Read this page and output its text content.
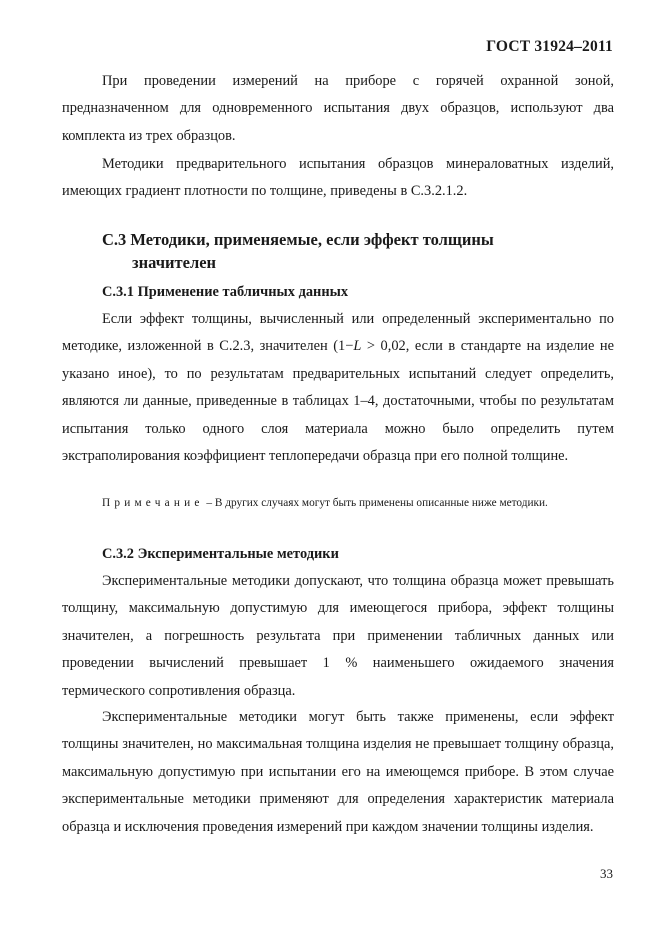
ГОСТ 31924–2011

При проведении измерений на приборе с горячей охранной зоной, предназначенном для одновременного испытания двух образцов, используют два комплекта из трех образцов.

Методики предварительного испытания образцов минераловатных изделий, имеющих градиент плотности по толщине, приведены в С.3.2.1.2.

С.3 Методики, применяемые, если эффект толщины
значителен
С.3.1 Применение табличных данных

Если эффект толщины, вычисленный или определенный экспериментально по методике, изложенной в С.2.3, значителен (1−L > 0,02, если в стандарте на изделие не указано иное), то по результатам предварительных испытаний следует определить, являются ли данные, приведенные в таблицах 1–4, достаточными, чтобы по результатам испытания только одного слоя материала можно было определить путем экстраполирования коэффициент теплопередачи образца при его полной толщине.

Примечание – В других случаях могут быть применены описанные ниже методики.

С.3.2 Экспериментальные методики

Экспериментальные методики допускают, что толщина образца может превышать толщину, максимальную допустимую для имеющегося прибора, эффект толщины значителен, а погрешность результата при применении табличных данных или проведении вычислений превышает 1 % наименьшего ожидаемого значения термического сопротивления образца.

Экспериментальные методики могут быть также применены, если эффект толщины значителен, но максимальная толщина изделия не превышает толщину образца, максимальную допустимую при испытании его на имеющемся приборе. В этом случае экспериментальные методики применяют для определения характеристик материала образца и исключения проведения измерений при каждом значении толщины изделия.

33
